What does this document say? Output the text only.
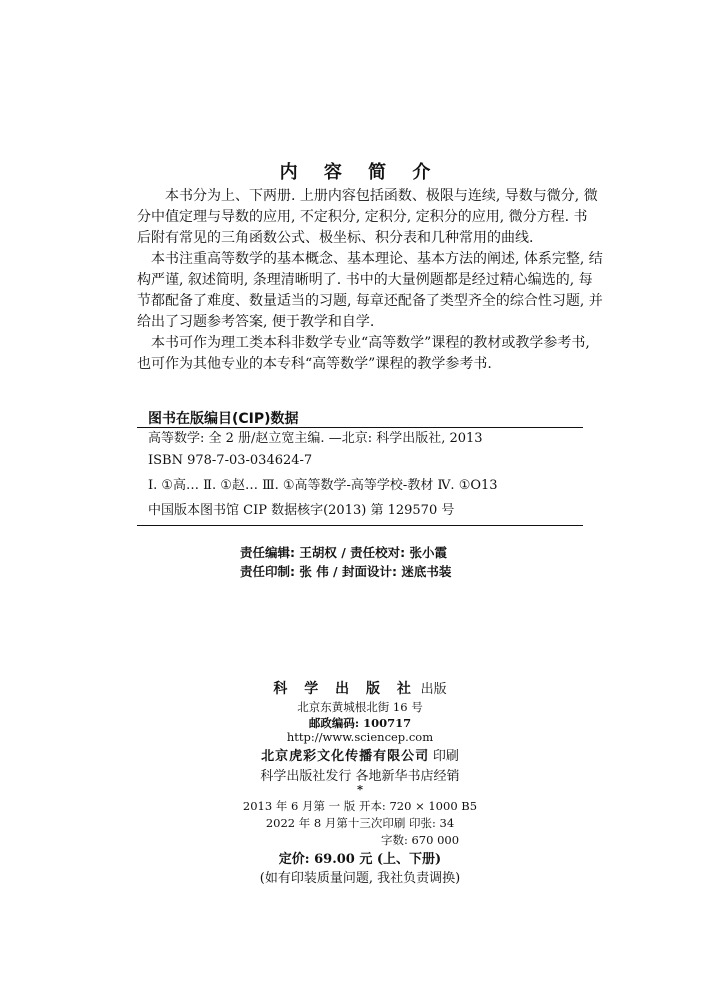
内 容 简 介
本书分为上、下两册. 上册内容包括函数、极限与连续, 导数与微分, 微
分中值定理与导数的应用, 不定积分, 定积分, 定积分的应用, 微分方程. 书
后附有常见的三角函数公式、极坐标、积分表和几种常用的曲线.
本书注重高等数学的基本概念、基本理论、基本方法的阐述, 体系完整, 结
构严谨, 叙述简明, 条理清晰明了. 书中的大量例题都是经过精心编选的, 每
节都配备了难度、数量适当的习题, 每章还配备了类型齐全的综合性习题, 并
给出了习题参考答案, 便于教学和自学.
本书可作为理工类本科非数学专业“高等数学”课程的教材或教学参考书,
也可作为其他专业的本专科“高等数学”课程的教学参考书.
图书在版编目(CIP)数据
高等数学: 全 2 册/赵立宽主编. —北京: 科学出版社, 2013
ISBN 978-7-03-034624-7
Ⅰ. ①高… Ⅱ. ①赵… Ⅲ. ①高等数学-高等学校-教材 Ⅳ. ①O13
中国版本图书馆 CIP 数据核字(2013) 第 129570 号
责任编辑: 王胡权 / 责任校对: 张小霞
责任印制: 张 伟 / 封面设计: 迷底书装
科 学 出 版 社 出版
北京东黄城根北街 16 号
邮政编码: 100717
http://www.sciencep.com
北京虎彩文化传播有限公司 印刷
科学出版社发行 各地新华书店经销
*
2013 年 6 月第 一 版 开本: 720 × 1000 B5
2022 年 8 月第十三次印刷 印张: 34
字数: 670 000
定价: 69.00 元 (上、下册)
(如有印装质量问题, 我社负责调换)
